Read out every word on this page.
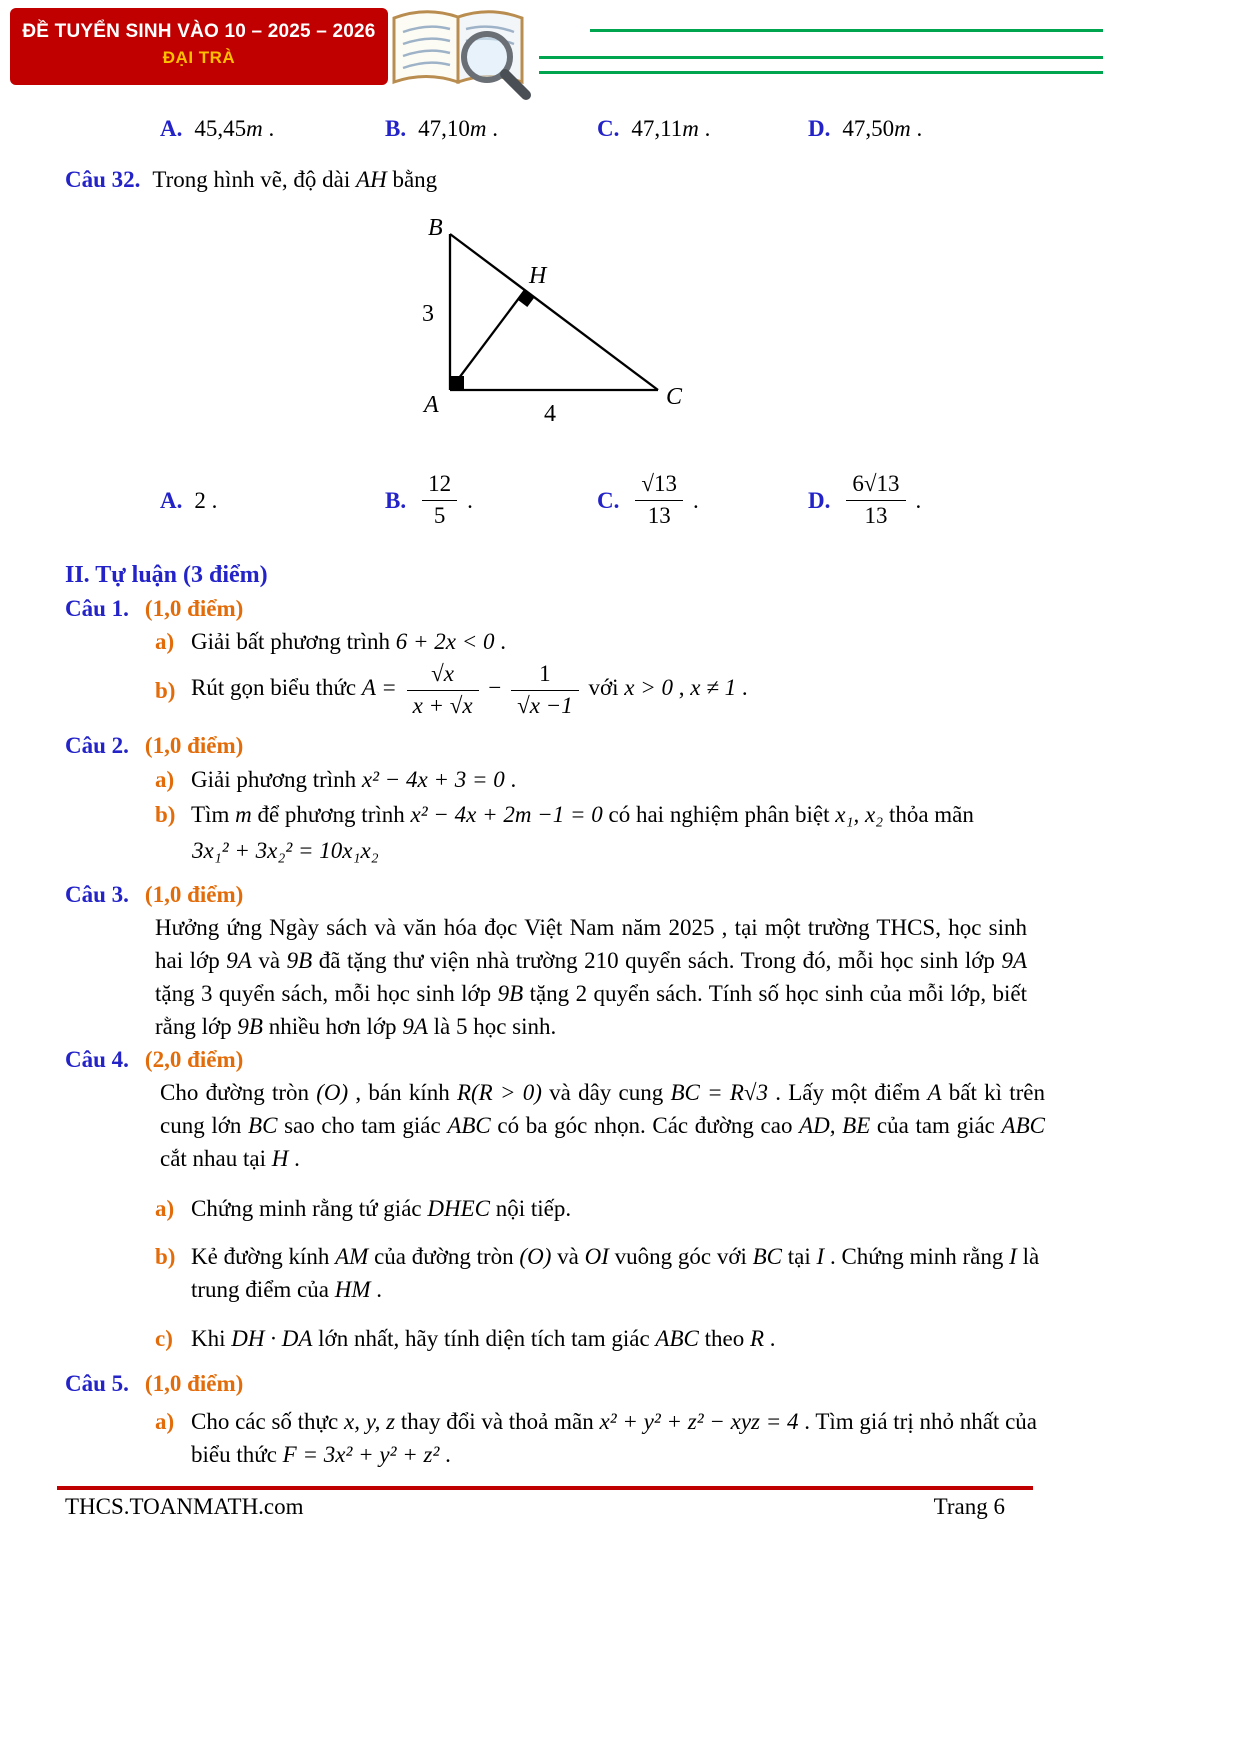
ĐỀ TUYỂN SINH VÀO 10 – 2025 – 2026
ĐẠI TRÀ
A. 45,45m .	B. 47,10m .	C. 47,11m .	D. 47,50m .
Câu 32. Trong hình vẽ, độ dài AH bằng
B
H
3
A	4
C
A. 2 .	B. $\frac{12}{5}$ .	C. $\frac{√13}{13}$ .	D. $\frac{6√13}{13}$ .
II. Tự luận (3 điểm)
Câu 1. (1,0 điểm)
a) Giải bất phương trình 6 + 2x < 0 .
b) Rút gọn biểu thức $A = \frac{√x}{x + √x} - \frac{1}{√x -1}$ với x > 0 , x ≠ 1 .
Câu 2. (1,0 điểm)
a) Giải phương trình x² − 4x + 3 = 0 .
b) Tìm m để phương trình x² − 4x + 2m −1 = 0 có hai nghiệm phân biệt x₁, x₂ thỏa mãn
3x₁² + 3x₂² = 10x₁x₂
Câu 3. (1,0 điểm)
Hưởng ứng Ngày sách và văn hóa đọc Việt Nam năm 2025 , tại một trường THCS, học sinh hai lớp 9A và 9B đã tặng thư viện nhà trường 210 quyển sách. Trong đó, mỗi học sinh lớp 9A tặng 3 quyển sách, mỗi học sinh lớp 9B tặng 2 quyển sách. Tính số học sinh của mỗi lớp, biết rằng lớp 9B nhiều hơn lớp 9A là 5 học sinh.
Câu 4. (2,0 điểm)
Cho đường tròn (O) , bán kính R(R > 0) và dây cung BC = R√3 . Lấy một điểm A bất kì trên cung lớn BC sao cho tam giác ABC có ba góc nhọn. Các đường cao AD, BE của tam giác ABC cắt nhau tại H .
a) Chứng minh rằng tứ giác DHEC nội tiếp.
b) Kẻ đường kính AM của đường tròn (O) và OI vuông góc với BC tại I . Chứng minh rằng I là trung điểm của HM .
c) Khi DH · DA lớn nhất, hãy tính diện tích tam giác ABC theo R .
Câu 5. (1,0 điểm)
a) Cho các số thực x, y, z thay đổi và thoả mãn x² + y² + z² − xyz = 4 . Tìm giá trị nhỏ nhất của biểu thức F = 3x² + y² + z² .
THCS.TOANMATH.com	Trang 6
